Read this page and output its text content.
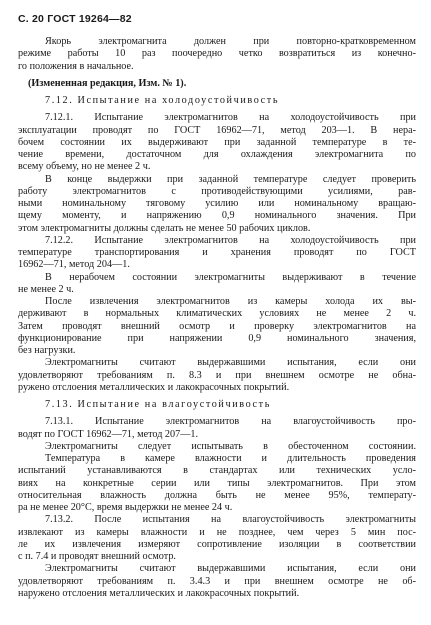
С. 20 ГОСТ 19264—82
Якорь электромагнита должен при повторно-кратковременном
режиме работы 10 раз поочередно четко возвратиться из конечно-
го положения в начальное.
(Измененная редакция, Изм. № 1).
7.12. Испытание на холодоустойчивость
7.12.1. Испытание электромагнитов на холодоустойчивость при
эксплуатации проводят по ГОСТ 16962—71, метод 203—1. В нера-
бочем состоянии их выдерживают при заданной температуре в те-
чение времени, достаточном для охлаждения электромагнита по
всему объему, но не менее 2 ч.
В конце выдержки при заданной температуре следует проверить
работу электромагнитов с противодействующими усилиями, рав-
ными номинальному тяговому усилию или номинальному вращаю-
щему моменту, и напряжению 0,9 номинального значения. При
этом электромагниты должны сделать не менее 50 рабочих циклов.
7.12.2. Испытание электромагнитов на холодоустойчивость при
температуре транспортирования и хранения проводят по ГОСТ
16962—71, метод 204—1.
В нерабочем состоянии электромагниты выдерживают в течение
не менее 2 ч.
После извлечения электромагнитов из камеры холода их вы-
держивают в нормальных климатических условиях не менее 2 ч.
Затем проводят внешний осмотр и проверку электромагнитов на
функционирование при напряжении 0,9 номинального значения,
без нагрузки.
Электромагниты считают выдержавшими испытания, если они
удовлетворяют требованиям п. 8.3 и при внешнем осмотре не обна-
ружено отслоения металлических и лакокрасочных покрытий.
7.13. Испытание на влагоустойчивость
7.13.1. Испытание электромагнитов на влагоустойчивость про-
водят по ГОСТ 16962—71, метод 207—1.
Электромагниты следует испытывать в обесточенном состоянии.
Температура в камере влажности и длительность проведения
испытаний устанавливаются в стандартах или технических усло-
виях на конкретные серии или типы электромагнитов. При этом
относительная влажность должна быть не менее 95%, температу-
ра не менее 20°С, время выдержки не менее 24 ч.
7.13.2. После испытания на влагоустойчивость электромагниты
извлекают из камеры влажности и не позднее, чем через 5 мин пос-
ле их извлечения измеряют сопротивление изоляции в соответствии
с п. 7.4 и проводят внешний осмотр.
Электромагниты считают выдержавшими испытания, если они
удовлетворяют требованиям п. 3.4.3 и при внешнем осмотре не об-
наружено отслоения металлических и лакокрасочных покрытий.
